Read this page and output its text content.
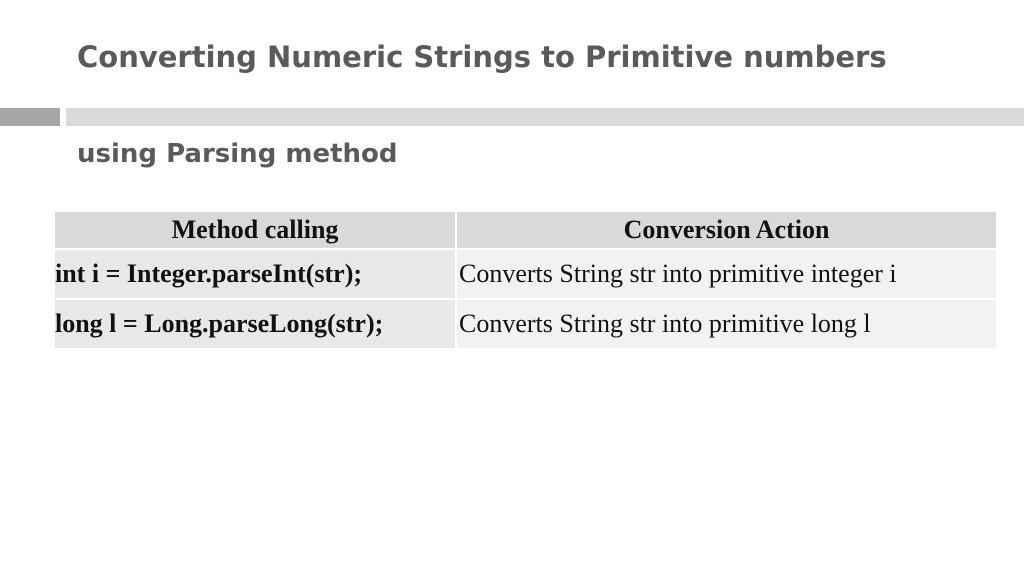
Converting Numeric Strings to Primitive numbers
using Parsing method
Method calling	Conversion Action
int i = Integer.parseInt(str);	Converts String str into primitive integer i
long l = Long.parseLong(str);	Converts String str into primitive long l
